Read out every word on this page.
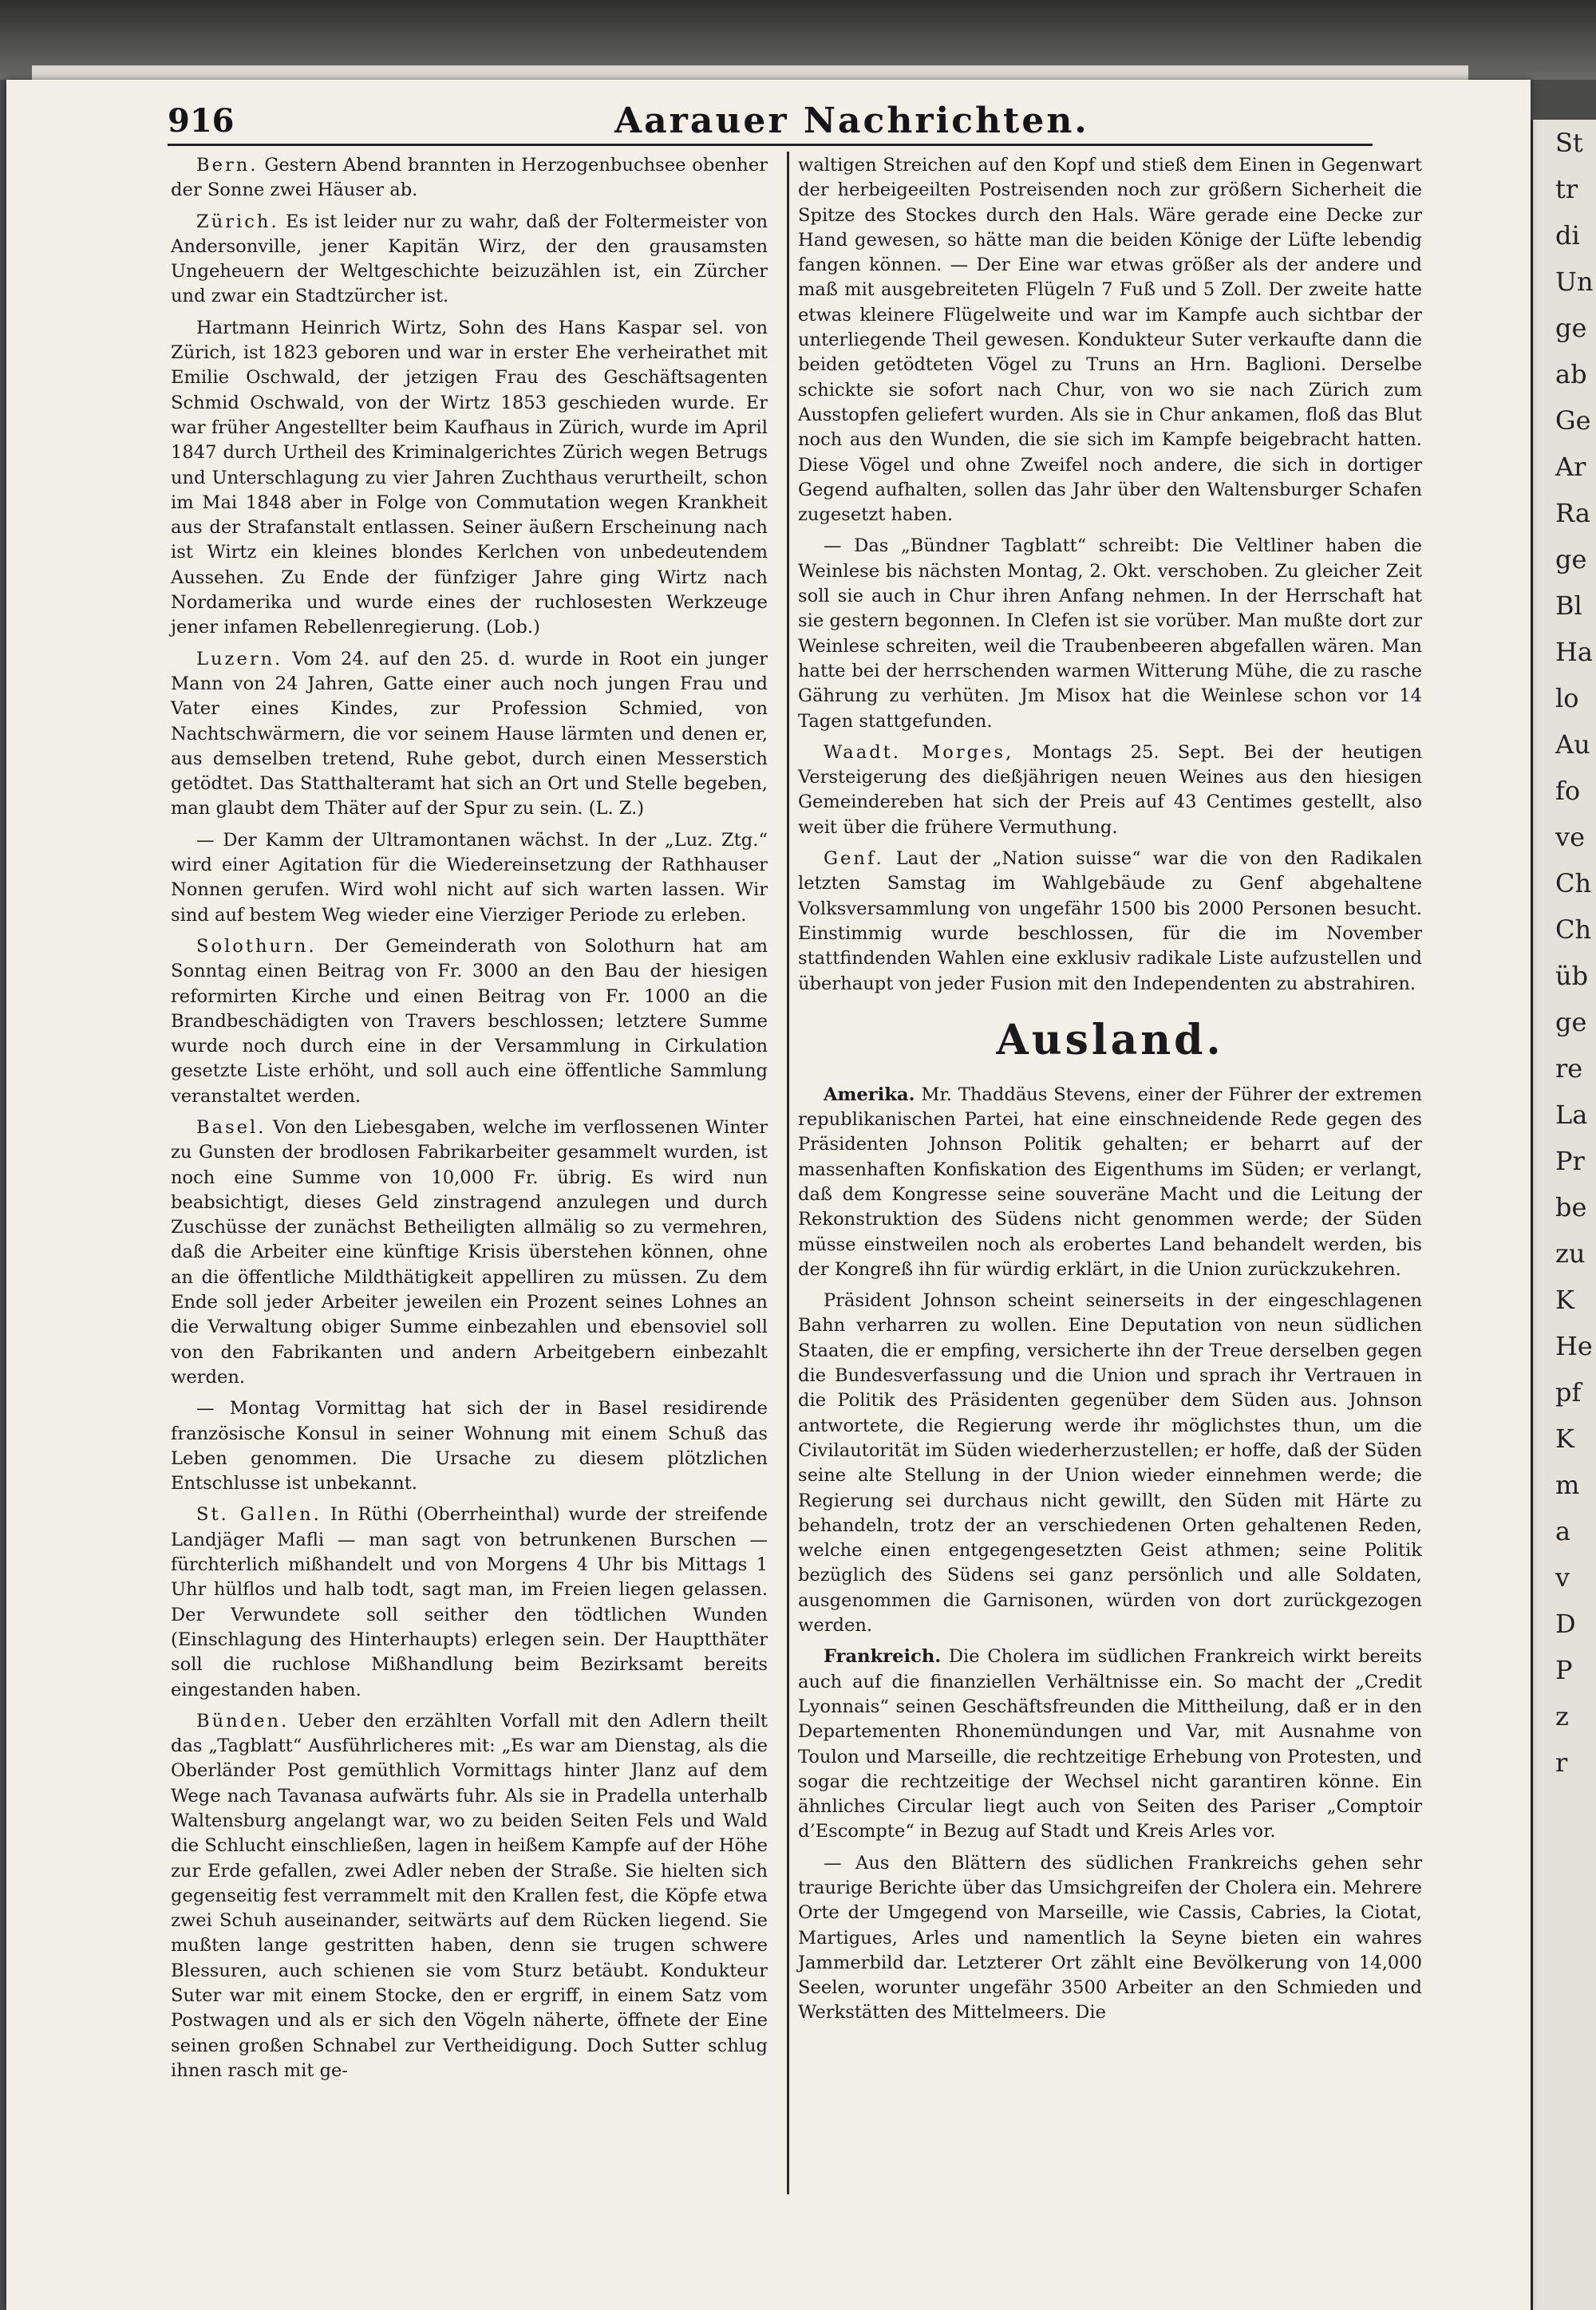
St
tr
di
Un
ge
ab
Ge
Ar
Ra
ge
Bl
Ha
lo
Au
fo
ve
Ch
Ch
üb
ge
re
La
Pr
be
zu
K
He
pf
K
m
a
v
D
P
z
r
916	Aarauer Nachrichten.

Bern. Gestern Abend brannten in Herzogenbuchsee obenher der Sonne zwei Häuser ab.

Zürich. Es ist leider nur zu wahr, daß der Foltermeister von Andersonville, jener Kapitän Wirz, der den grausamsten Ungeheuern der Weltgeschichte beizuzählen ist, ein Zürcher und zwar ein Stadtzürcher ist.

Hartmann Heinrich Wirtz, Sohn des Hans Kaspar sel. von Zürich, ist 1823 geboren und war in erster Ehe verheirathet mit Emilie Oschwald, der jetzigen Frau des Geschäftsagenten Schmid Oschwald, von der Wirtz 1853 geschieden wurde. Er war früher Angestellter beim Kaufhaus in Zürich, wurde im April 1847 durch Urtheil des Kriminalgerichtes Zürich wegen Betrugs und Unterschlagung zu vier Jahren Zuchthaus verurtheilt, schon im Mai 1848 aber in Folge von Commutation wegen Krankheit aus der Strafanstalt entlassen. Seiner äußern Erscheinung nach ist Wirtz ein kleines blondes Kerlchen von unbedeutendem Aussehen. Zu Ende der fünfziger Jahre ging Wirtz nach Nordamerika und wurde eines der ruchlosesten Werkzeuge jener infamen Rebellenregierung. (Lob.)

Luzern. Vom 24. auf den 25. d. wurde in Root ein junger Mann von 24 Jahren, Gatte einer auch noch jungen Frau und Vater eines Kindes, zur Profession Schmied, von Nachtschwärmern, die vor seinem Hause lärmten und denen er, aus demselben tretend, Ruhe gebot, durch einen Messerstich getödtet. Das Statthalteramt hat sich an Ort und Stelle begeben, man glaubt dem Thäter auf der Spur zu sein. (L. Z.)

— Der Kamm der Ultramontanen wächst. In der „Luz. Ztg.“ wird einer Agitation für die Wiedereinsetzung der Rathhauser Nonnen gerufen. Wird wohl nicht auf sich warten lassen. Wir sind auf bestem Weg wieder eine Vierziger Periode zu erleben.

Solothurn. Der Gemeinderath von Solothurn hat am Sonntag einen Beitrag von Fr. 3000 an den Bau der hiesigen reformirten Kirche und einen Beitrag von Fr. 1000 an die Brandbeschädigten von Travers beschlossen; letztere Summe wurde noch durch eine in der Versammlung in Cirkulation gesetzte Liste erhöht, und soll auch eine öffentliche Sammlung veranstaltet werden.

Basel. Von den Liebesgaben, welche im verflossenen Winter zu Gunsten der brodlosen Fabrikarbeiter gesammelt wurden, ist noch eine Summe von 10,000 Fr. übrig. Es wird nun beabsichtigt, dieses Geld zinstragend anzulegen und durch Zuschüsse der zunächst Betheiligten allmälig so zu vermehren, daß die Arbeiter eine künftige Krisis überstehen können, ohne an die öffentliche Mildthätigkeit appelliren zu müssen. Zu dem Ende soll jeder Arbeiter jeweilen ein Prozent seines Lohnes an die Verwaltung obiger Summe einbezahlen und ebensoviel soll von den Fabrikanten und andern Arbeitgebern einbezahlt werden.

— Montag Vormittag hat sich der in Basel residirende französische Konsul in seiner Wohnung mit einem Schuß das Leben genommen. Die Ursache zu diesem plötzlichen Entschlusse ist unbekannt.

St. Gallen. In Rüthi (Oberrheinthal) wurde der streifende Landjäger Mafli — man sagt von betrunkenen Burschen — fürchterlich mißhandelt und von Morgens 4 Uhr bis Mittags 1 Uhr hülflos und halb todt, sagt man, im Freien liegen gelassen. Der Verwundete soll seither den tödtlichen Wunden (Einschlagung des Hinterhaupts) erlegen sein. Der Hauptthäter soll die ruchlose Mißhandlung beim Bezirksamt bereits eingestanden haben.

Bünden. Ueber den erzählten Vorfall mit den Adlern theilt das „Tagblatt“ Ausführlicheres mit: „Es war am Dienstag, als die Oberländer Post gemüthlich Vormittags hinter Jlanz auf dem Wege nach Tavanasa aufwärts fuhr. Als sie in Pradella unterhalb Waltensburg angelangt war, wo zu beiden Seiten Fels und Wald die Schlucht einschließen, lagen in heißem Kampfe auf der Höhe zur Erde gefallen, zwei Adler neben der Straße. Sie hielten sich gegenseitig fest verrammelt mit den Krallen fest, die Köpfe etwa zwei Schuh auseinander, seitwärts auf dem Rücken liegend. Sie mußten lange gestritten haben, denn sie trugen schwere Blessuren, auch schienen sie vom Sturz betäubt. Kondukteur Suter war mit einem Stocke, den er ergriff, in einem Satz vom Postwagen und als er sich den Vögeln näherte, öffnete der Eine seinen großen Schnabel zur Vertheidigung. Doch Sutter schlug ihnen rasch mit ge-

waltigen Streichen auf den Kopf und stieß dem Einen in Gegenwart der herbeigeeilten Postreisenden noch zur größern Sicherheit die Spitze des Stockes durch den Hals. Wäre gerade eine Decke zur Hand gewesen, so hätte man die beiden Könige der Lüfte lebendig fangen können. — Der Eine war etwas größer als der andere und maß mit ausgebreiteten Flügeln 7 Fuß und 5 Zoll. Der zweite hatte etwas kleinere Flügelweite und war im Kampfe auch sichtbar der unterliegende Theil gewesen. Kondukteur Suter verkaufte dann die beiden getödteten Vögel zu Truns an Hrn. Baglioni. Derselbe schickte sie sofort nach Chur, von wo sie nach Zürich zum Ausstopfen geliefert wurden. Als sie in Chur ankamen, floß das Blut noch aus den Wunden, die sie sich im Kampfe beigebracht hatten. Diese Vögel und ohne Zweifel noch andere, die sich in dortiger Gegend aufhalten, sollen das Jahr über den Waltensburger Schafen zugesetzt haben.

— Das „Bündner Tagblatt“ schreibt: Die Veltliner haben die Weinlese bis nächsten Montag, 2. Okt. verschoben. Zu gleicher Zeit soll sie auch in Chur ihren Anfang nehmen. In der Herrschaft hat sie gestern begonnen. In Clefen ist sie vorüber. Man mußte dort zur Weinlese schreiten, weil die Traubenbeeren abgefallen wären. Man hatte bei der herrschenden warmen Witterung Mühe, die zu rasche Gährung zu verhüten. Jm Misox hat die Weinlese schon vor 14 Tagen stattgefunden.

Waadt. Morges, Montags 25. Sept. Bei der heutigen Versteigerung des dießjährigen neuen Weines aus den hiesigen Gemeindereben hat sich der Preis auf 43 Centimes gestellt, also weit über die frühere Vermuthung.

Genf. Laut der „Nation suisse“ war die von den Radikalen letzten Samstag im Wahlgebäude zu Genf abgehaltene Volksversammlung von ungefähr 1500 bis 2000 Personen besucht. Einstimmig wurde beschlossen, für die im November stattfindenden Wahlen eine exklusiv radikale Liste aufzustellen und überhaupt von jeder Fusion mit den Independenten zu abstrahiren.

Ausland.

Amerika. Mr. Thaddäus Stevens, einer der Führer der extremen republikanischen Partei, hat eine einschneidende Rede gegen des Präsidenten Johnson Politik gehalten; er beharrt auf der massenhaften Konfiskation des Eigenthums im Süden; er verlangt, daß dem Kongresse seine souveräne Macht und die Leitung der Rekonstruktion des Südens nicht genommen werde; der Süden müsse einstweilen noch als erobertes Land behandelt werden, bis der Kongreß ihn für würdig erklärt, in die Union zurückzukehren.

Präsident Johnson scheint seinerseits in der eingeschlagenen Bahn verharren zu wollen. Eine Deputation von neun südlichen Staaten, die er empfing, versicherte ihn der Treue derselben gegen die Bundesverfassung und die Union und sprach ihr Vertrauen in die Politik des Präsidenten gegenüber dem Süden aus. Johnson antwortete, die Regierung werde ihr möglichstes thun, um die Civilautorität im Süden wiederherzustellen; er hoffe, daß der Süden seine alte Stellung in der Union wieder einnehmen werde; die Regierung sei durchaus nicht gewillt, den Süden mit Härte zu behandeln, trotz der an verschiedenen Orten gehaltenen Reden, welche einen entgegengesetzten Geist athmen; seine Politik bezüglich des Südens sei ganz persönlich und alle Soldaten, ausgenommen die Garnisonen, würden von dort zurückgezogen werden.

Frankreich. Die Cholera im südlichen Frankreich wirkt bereits auch auf die finanziellen Verhältnisse ein. So macht der „Credit Lyonnais“ seinen Geschäftsfreunden die Mittheilung, daß er in den Departementen Rhonemündungen und Var, mit Ausnahme von Toulon und Marseille, die rechtzeitige Erhebung von Protesten, und sogar die rechtzeitige der Wechsel nicht garantiren könne. Ein ähnliches Circular liegt auch von Seiten des Pariser „Comptoir d’Escompte“ in Bezug auf Stadt und Kreis Arles vor.

— Aus den Blättern des südlichen Frankreichs gehen sehr traurige Berichte über das Umsichgreifen der Cholera ein. Mehrere Orte der Umgegend von Marseille, wie Cassis, Cabries, la Ciotat, Martigues, Arles und namentlich la Seyne bieten ein wahres Jammerbild dar. Letzterer Ort zählt eine Bevölkerung von 14,000 Seelen, worunter ungefähr 3500 Arbeiter an den Schmieden und Werkstätten des Mittelmeers. Die
